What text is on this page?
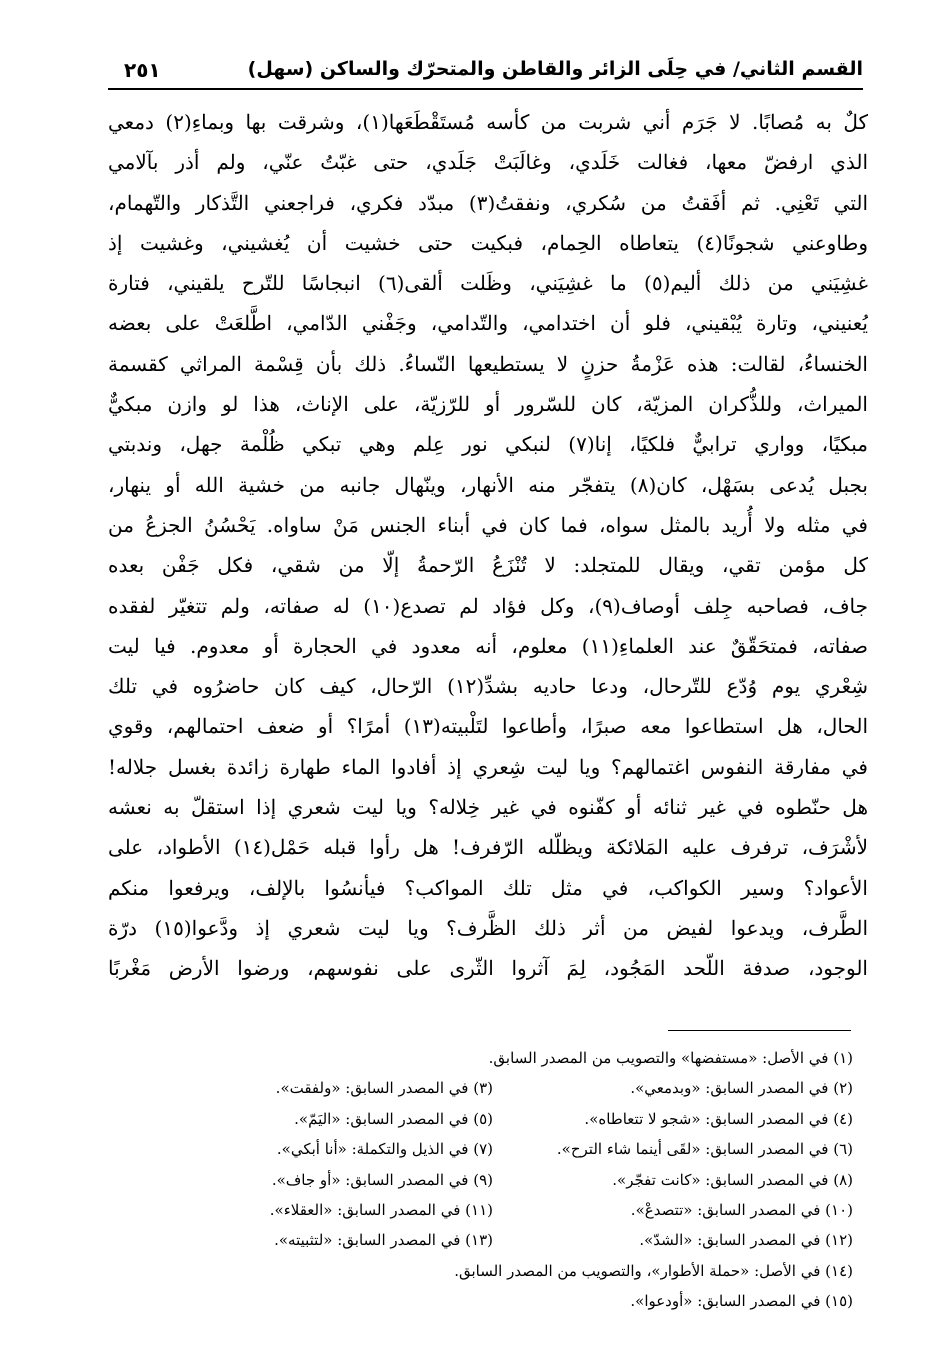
القسم الثاني/ في حِلَى الزائر والقاطن والمتحرّك والساكن (سهل)
٢٥١
كلٌ به مُصابًا. لا جَرَم أني شربت من كأسه مُستَقْطَعَها(١)، وشرقت بها وبماءِ(٢) دمعي
الذي ارفضّ معها، فغالت خَلَدي، وغالَبَتْ جَلَدي، حتى غبّتُ عنّي، ولم أذر بآلامي
التي تَعْنِي. ثم أفَقتُ من سُكري، ونفقتُ(٣) مبدّد فكري، فراجعني التَّذكار والتّهمام،
وطاوعني شجونًا(٤) يتعاطاه الحِمام، فبكيت حتى خشيت أن يُغشيني، وغشيت إذ
غشِيَني من ذلك أليم(٥) ما غشِيَني، وظَلت ألقى(٦) انبجاسًا للتّرح يلقيني، فتارة
يُعنيني، وتارة يُبْقيني، فلو أن اختدامي، والتّدامي، وجَفْني الدّامي، اطَّلعَتْ على بعضه
الخنساءُ، لقالت: هذه عَزْمةُ حزنٍ لا يستطيعها النّساءُ. ذلك بأن قِسْمة المراثي كقسمة
الميراث، وللذُّكران المزيّة، كان للسّرور أو للرّزيّة، على الإناث، هذا لو وازن مبكيٌّ
مبكيًا، وواري ترابيٌّ فلكيًا، إنا(٧) لنبكي نور عِلم وهي تبكي ظُلْمة جهل، وندبتي
بجبل يُدعى بسَهْل، كان(٨) يتفجّر منه الأنهار، وينّهال جانبه من خشية الله أو ينهار،
في مثله ولا أُريد بالمثل سواه، فما كان في أبناء الجنس مَنْ ساواه. يَحْسُنُ الجزعُ من
كل مؤمن تقي، ويقال للمتجلد: لا تُنْزَعُ الرّحمةُ إلّا من شقي، فكل جَفْن بعده
جاف، فصاحبه جِلف أوصاف(٩)، وكل فؤاد لم تصدع(١٠) له صفاته، ولم تتغيّر لفقده
صفاته، فمتحَقّقٌ عند العلماءِ(١١) معلوم، أنه معدود في الحجارة أو معدوم. فيا ليت
شِعْري يوم وُدّع للتّرحال، ودعا حاديه بشدِّ(١٢) الرّحال، كيف كان حاضرُوه في تلك
الحال، هل استطاعوا معه صبرًا، وأطاعوا لتَلْبيته(١٣) أمرًا؟ أو ضعف احتمالهم، وقوي
في مفارقة النفوس اغتمالهم؟ ويا ليت شِعري إذ أفادوا الماء طهارة زائدة بغسل جلاله!
هل حنّطوه في غير ثنائه أو كفّنوه في غير خِلاله؟ ويا ليت شعري إذا استقلّ به نعشه
لأشْرَف، ترفرف عليه المَلائكة ويظلّله الرّفرف! هل رأوا قبله حَمْل(١٤) الأطواد، على
الأعواد؟ وسير الكواكب، في مثل تلك المواكب؟ فيأنسُوا بالإلف، ويرفعوا منكم
الطَّرف، ويدعوا لفيض من أثر ذلك الظَّرف؟ ويا ليت شعري إذ ودَّعوا(١٥) درّة
الوجود، صدفة اللّحد المَجُود، لِمَ آثروا الثّرى على نفوسهم، ورضوا الأرض مَغْربًا
(١) في الأصل: «مستفضها» والتصويب من المصدر السابق.
(٢) في المصدر السابق: «وبدمعي».
(٣) في المصدر السابق: «ولفقت».
(٤) في المصدر السابق: «شجو لا تتعاطاه».
(٥) في المصدر السابق: «اليَمّ».
(٦) في المصدر السابق: «لقَى أينما شاء الترح».
(٧) في الذيل والتكملة: «أنا أبكي».
(٨) في المصدر السابق: «كانت تفجّر».
(٩) في المصدر السابق: «أو جاف».
(١٠) في المصدر السابق: «تتصدعْ».
(١١) في المصدر السابق: «العقلاء».
(١٢) في المصدر السابق: «الشدّ».
(١٣) في المصدر السابق: «لتثبيته».
(١٤) في الأصل: «حملة الأطوار»، والتصويب من المصدر السابق.
(١٥) في المصدر السابق: «أودعوا».
